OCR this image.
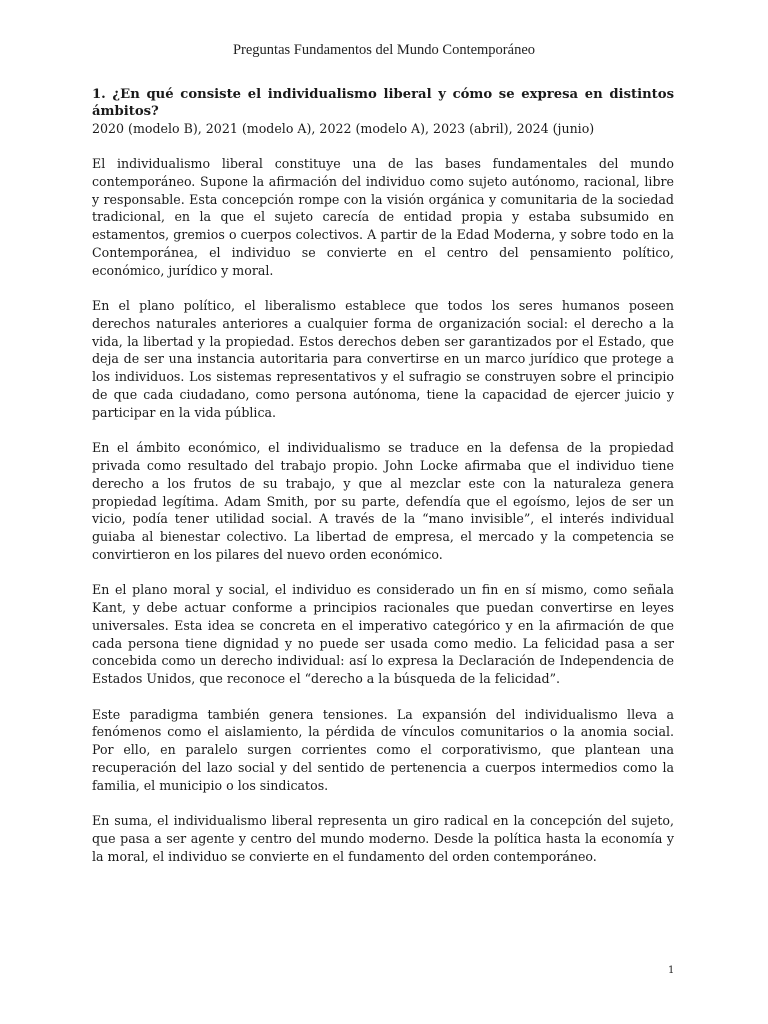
Preguntas Fundamentos del Mundo Contemporáneo
1. ¿En qué consiste el individualismo liberal y cómo se expresa en distintos ámbitos?

2020 (modelo B), 2021 (modelo A), 2022 (modelo A), 2023 (abril), 2024 (junio)

El individualismo liberal constituye una de las bases fundamentales del mundo contemporáneo. Supone la afirmación del individuo como sujeto autónomo, racional, libre y responsable. Esta concepción rompe con la visión orgánica y comunitaria de la sociedad tradicional, en la que el sujeto carecía de entidad propia y estaba subsumido en estamentos, gremios o cuerpos colectivos. A partir de la Edad Moderna, y sobre todo en la Contemporánea, el individuo se convierte en el centro del pensamiento político, económico, jurídico y moral.

En el plano político, el liberalismo establece que todos los seres humanos poseen derechos naturales anteriores a cualquier forma de organización social: el derecho a la vida, la libertad y la propiedad. Estos derechos deben ser garantizados por el Estado, que deja de ser una instancia autoritaria para convertirse en un marco jurídico que protege a los individuos. Los sistemas representativos y el sufragio se construyen sobre el principio de que cada ciudadano, como persona autónoma, tiene la capacidad de ejercer juicio y participar en la vida pública.

En el ámbito económico, el individualismo se traduce en la defensa de la propiedad privada como resultado del trabajo propio. John Locke afirmaba que el individuo tiene derecho a los frutos de su trabajo, y que al mezclar este con la naturaleza genera propiedad legítima. Adam Smith, por su parte, defendía que el egoísmo, lejos de ser un vicio, podía tener utilidad social. A través de la “mano invisible”, el interés individual guiaba al bienestar colectivo. La libertad de empresa, el mercado y la competencia se convirtieron en los pilares del nuevo orden económico.

En el plano moral y social, el individuo es considerado un fin en sí mismo, como señala Kant, y debe actuar conforme a principios racionales que puedan convertirse en leyes universales. Esta idea se concreta en el imperativo categórico y en la afirmación de que cada persona tiene dignidad y no puede ser usada como medio. La felicidad pasa a ser concebida como un derecho individual: así lo expresa la Declaración de Independencia de Estados Unidos, que reconoce el “derecho a la búsqueda de la felicidad”.

Este paradigma también genera tensiones. La expansión del individualismo lleva a fenómenos como el aislamiento, la pérdida de vínculos comunitarios o la anomia social. Por ello, en paralelo surgen corrientes como el corporativismo, que plantean una recuperación del lazo social y del sentido de pertenencia a cuerpos intermedios como la familia, el municipio o los sindicatos.

En suma, el individualismo liberal representa un giro radical en la concepción del sujeto, que pasa a ser agente y centro del mundo moderno. Desde la política hasta la economía y la moral, el individuo se convierte en el fundamento del orden contemporáneo.

1
